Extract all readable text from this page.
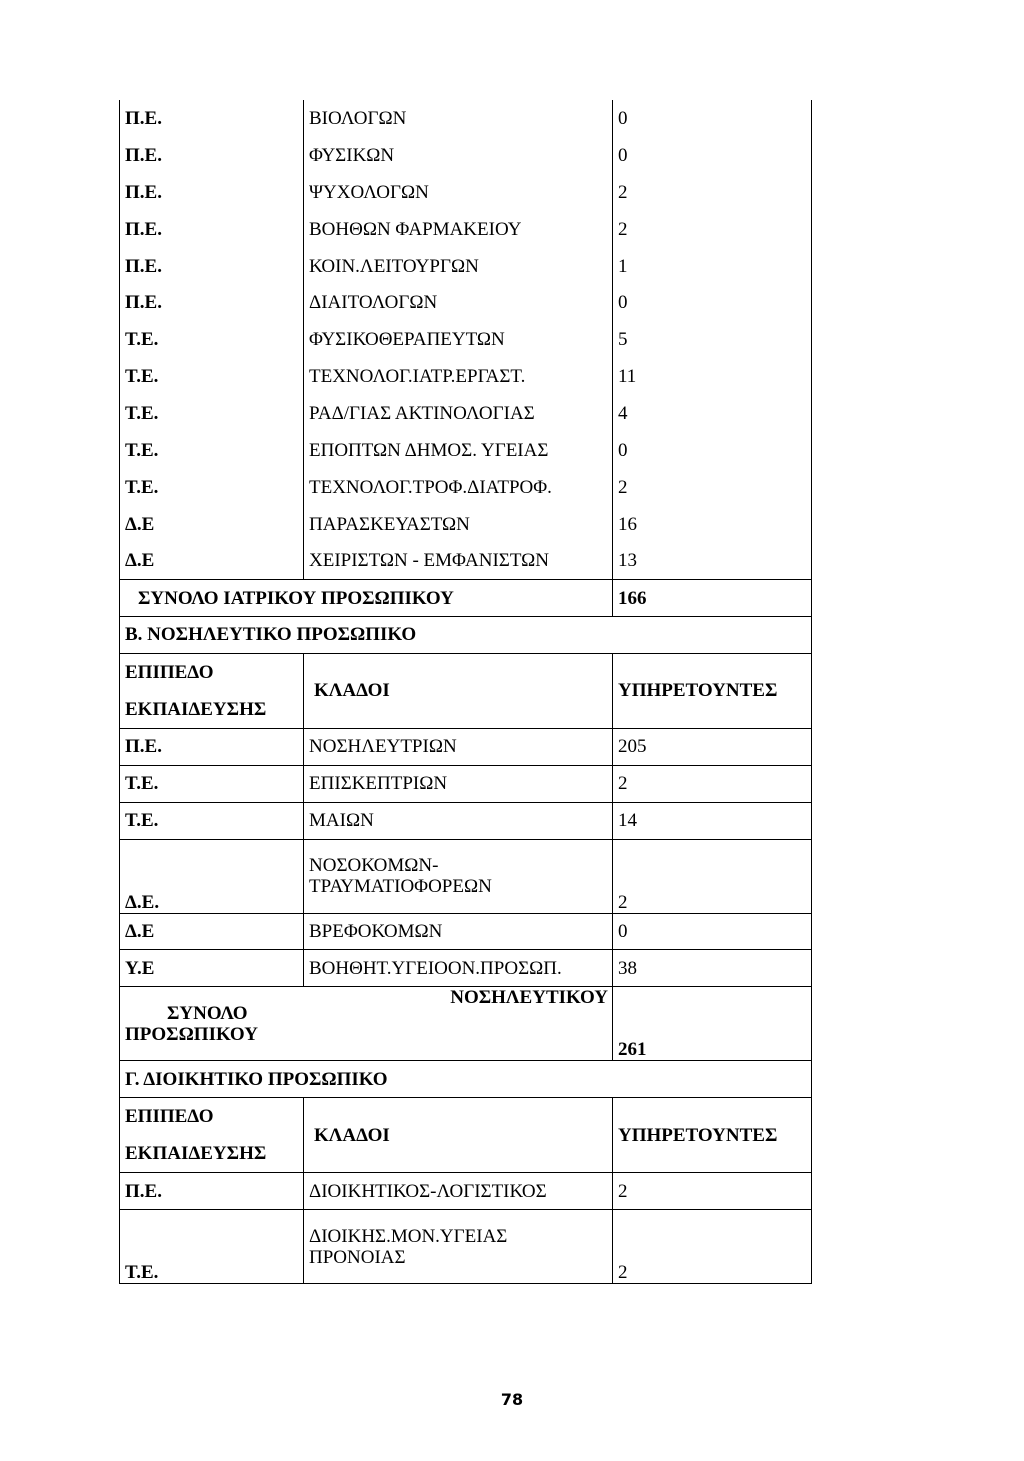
Π.Ε.	ΒΙΟΛΟΓΩΝ	0
Π.Ε.	ΦΥΣΙΚΩΝ	0
Π.Ε.	ΨΥΧΟΛΟΓΩΝ	2
Π.Ε.	ΒΟΗΘΩΝ ΦΑΡΜΑΚΕΙΟΥ	2
Π.Ε.	ΚΟΙΝ.ΛΕΙΤΟΥΡΓΩΝ	1
Π.Ε.	ΔΙΑΙΤΟΛΟΓΩΝ	0
Τ.Ε.	ΦΥΣΙΚΟΘΕΡΑΠΕΥΤΩΝ	5
Τ.Ε.	ΤΕΧΝΟΛΟΓ.ΙΑΤΡ.ΕΡΓΑΣΤ.	11
Τ.Ε.	ΡΑΔ/ΓΙΑΣ ΑΚΤΙΝΟΛΟΓΙΑΣ	4
Τ.Ε.	ΕΠΟΠΤΩΝ ΔΗΜΟΣ. ΥΓΕΙΑΣ	0
Τ.Ε.	ΤΕΧΝΟΛΟΓ.ΤΡΟΦ.ΔΙΑΤΡΟΦ.	2
Δ.Ε	ΠΑΡΑΣΚΕΥΑΣΤΩΝ	16
Δ.Ε	ΧΕΙΡΙΣΤΩΝ - ΕΜΦΑΝΙΣΤΩΝ	13
ΣΥΝΟΛΟ ΙΑΤΡΙΚΟΥ ΠΡΟΣΩΠΙΚΟΥ		166
Β. ΝΟΣΗΛΕΥΤΙΚΟ ΠΡΟΣΩΠΙΚΟ		

ΕΠΙΠΕΔΟ
ΕΚΠΑΙΔΕΥΣΗΣ	ΚΛΑΔΟΙ	ΥΠΗΡΕΤΟΥΝΤΕΣ
Π.Ε.	ΝΟΣΗΛΕΥΤΡΙΩΝ	205
Τ.Ε.	ΕΠΙΣΚΕΠΤΡΙΩΝ	2
Τ.Ε.	ΜΑΙΩΝ	14
Δ.Ε.	ΝΟΣΟΚΟΜΩΝ-
ΤΡΑΥΜΑΤΙΟΦΟΡΕΩΝ	2
Δ.Ε	ΒΡΕΦΟΚΟΜΩΝ	0
Υ.Ε	ΒΟΗΘΗΤ.ΥΓΕΙΟΟΝ.ΠΡΟΣΩΠ.	38

ΣΥΝΟΛΟ
ΠΡΟΣΩΠΙΚΟΥ	ΝΟΣΗΛΕΥΤΙΚΟΥ	261
Γ. ΔΙΟΙΚΗΤΙΚΟ ΠΡΟΣΩΠΙΚΟ		

ΕΠΙΠΕΔΟ
ΕΚΠΑΙΔΕΥΣΗΣ	ΚΛΑΔΟΙ	ΥΠΗΡΕΤΟΥΝΤΕΣ
Π.Ε.	ΔΙΟΙΚΗΤΙΚΟΣ-ΛΟΓΙΣΤΙΚΟΣ	2
Τ.Ε.	ΔΙΟΙΚΗΣ.ΜΟΝ.ΥΓΕΙΑΣ
ΠΡΟΝΟΙΑΣ	2
78
